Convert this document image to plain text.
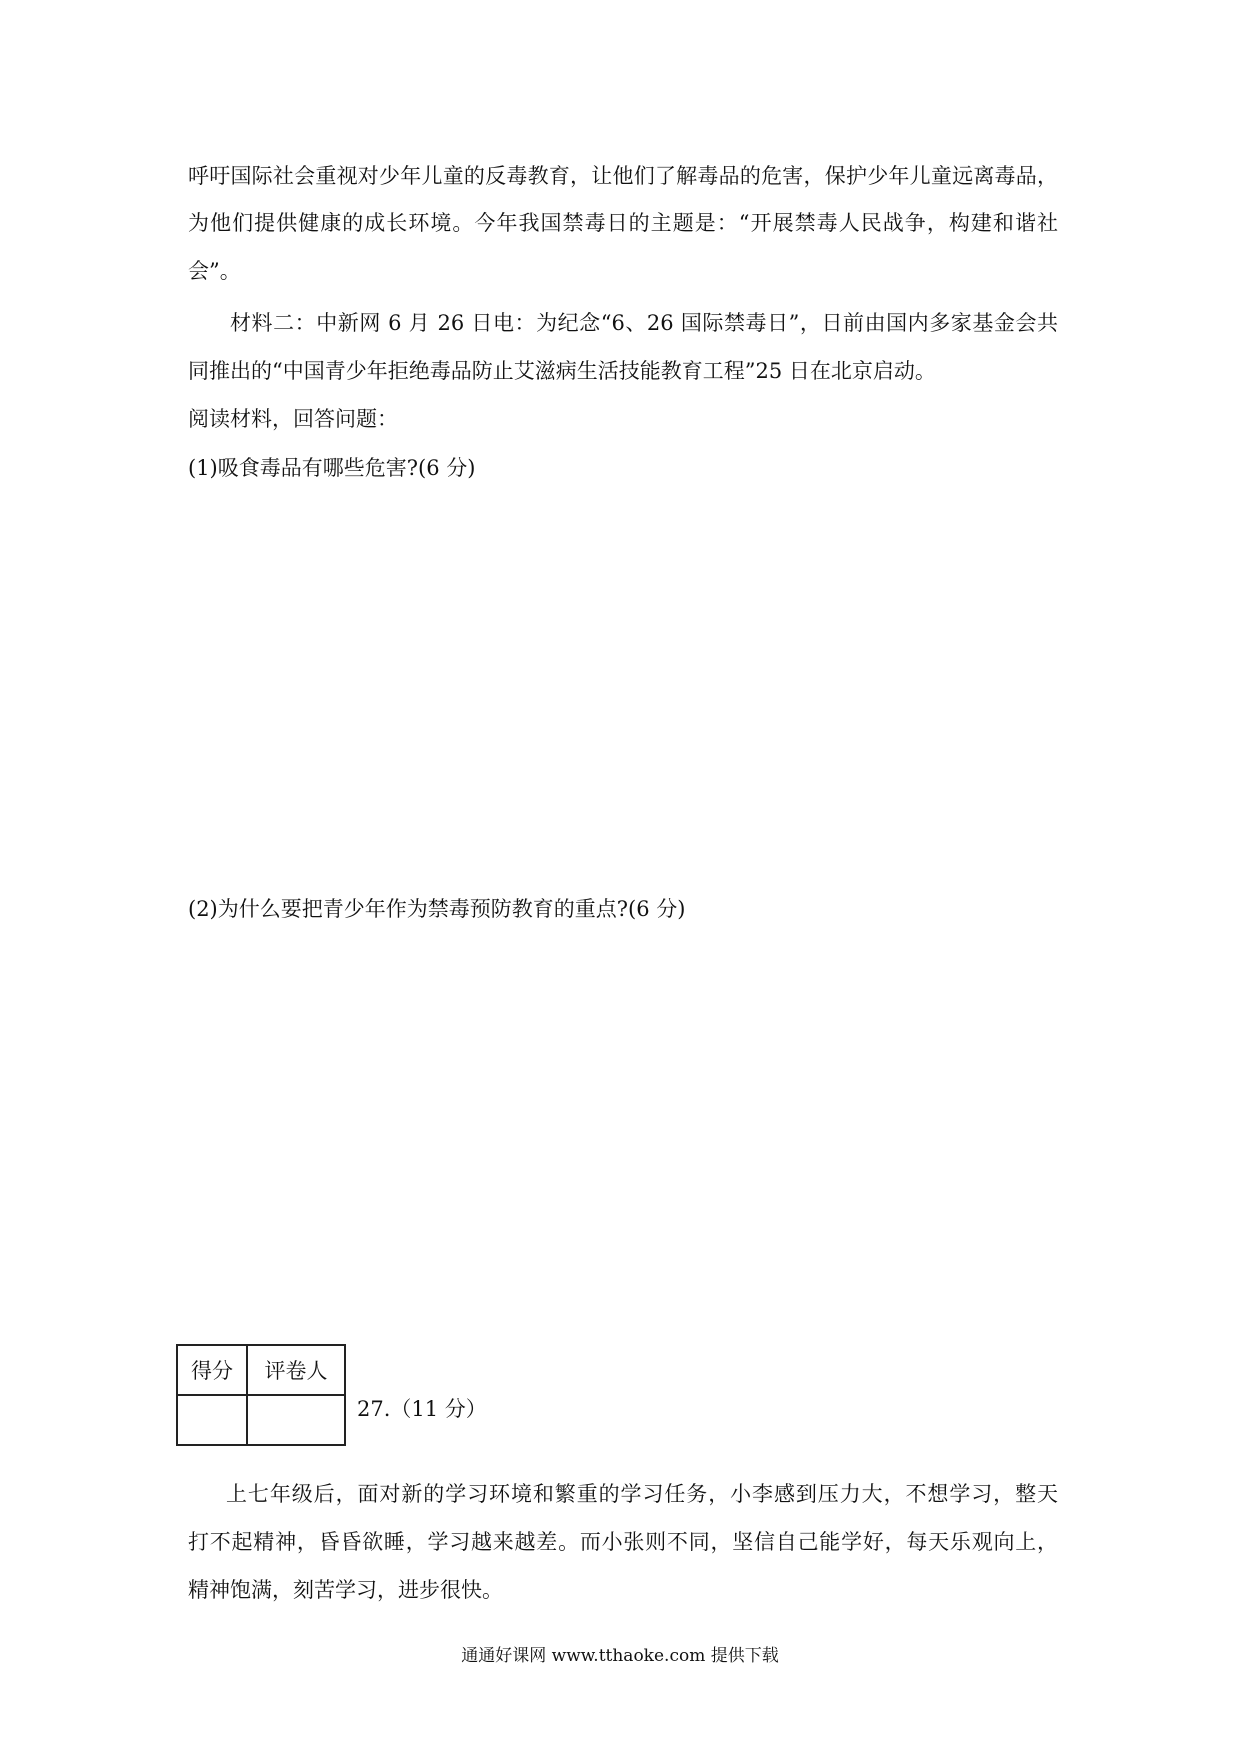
呼吁国际社会重视对少年儿童的反毒教育，让他们了解毒品的危害，保护少年儿童远离毒品，
为他们提供健康的成长环境。今年我国禁毒日的主题是：“开展禁毒人民战争，构建和谐社
会”。
材料二：中新网 6 月 26 日电：为纪念“6、26 国际禁毒日”，日前由国内多家基金会共
同推出的“中国青少年拒绝毒品防止艾滋病生活技能教育工程”25 日在北京启动。
阅读材料，回答问题：
(1)吸食毒品有哪些危害?(6 分)
(2)为什么要把青少年作为禁毒预防教育的重点?(6 分)
得分	评卷人

27.（11 分）
上七年级后，面对新的学习环境和繁重的学习任务，小李感到压力大，不想学习，整天
打不起精神，昏昏欲睡，学习越来越差。而小张则不同，坚信自己能学好，每天乐观向上，
精神饱满，刻苦学习，进步很快。
通通好课网 www.tthaoke.com 提供下载
